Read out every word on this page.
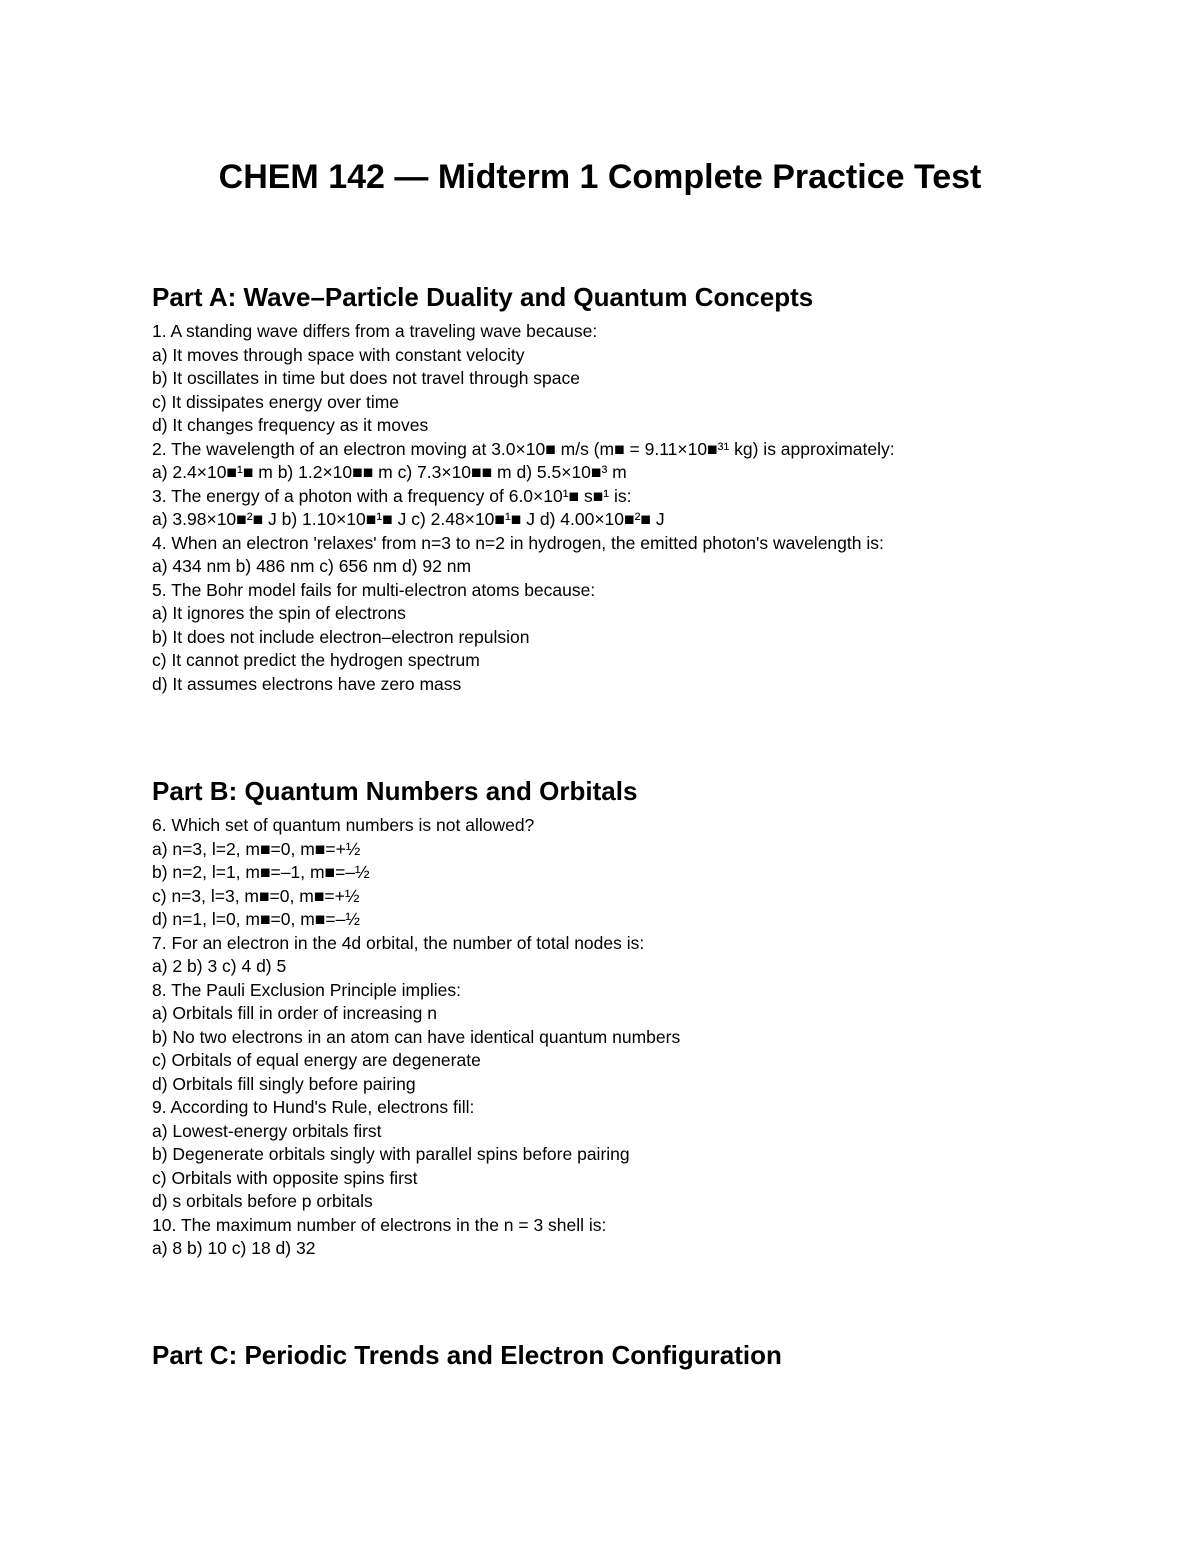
CHEM 142 — Midterm 1 Complete Practice Test
Part A: Wave–Particle Duality and Quantum Concepts
1. A standing wave differs from a traveling wave because:
a) It moves through space with constant velocity
b) It oscillates in time but does not travel through space
c) It dissipates energy over time
d) It changes frequency as it moves
2. The wavelength of an electron moving at 3.0×10■ m/s (m■ = 9.11×10■³¹ kg) is approximately:
a) 2.4×10■¹■ m b) 1.2×10■■ m c) 7.3×10■■ m d) 5.5×10■³ m
3. The energy of a photon with a frequency of 6.0×10¹■ s■¹ is:
a) 3.98×10■²■ J b) 1.10×10■¹■ J c) 2.48×10■¹■ J d) 4.00×10■²■ J
4. When an electron 'relaxes' from n=3 to n=2 in hydrogen, the emitted photon's wavelength is:
a) 434 nm b) 486 nm c) 656 nm d) 92 nm
5. The Bohr model fails for multi-electron atoms because:
a) It ignores the spin of electrons
b) It does not include electron–electron repulsion
c) It cannot predict the hydrogen spectrum
d) It assumes electrons have zero mass
Part B: Quantum Numbers and Orbitals
6. Which set of quantum numbers is not allowed?
a) n=3, l=2, m■=0, m■=+½
b) n=2, l=1, m■=–1, m■=–½
c) n=3, l=3, m■=0, m■=+½
d) n=1, l=0, m■=0, m■=–½
7. For an electron in the 4d orbital, the number of total nodes is:
a) 2 b) 3 c) 4 d) 5
8. The Pauli Exclusion Principle implies:
a) Orbitals fill in order of increasing n
b) No two electrons in an atom can have identical quantum numbers
c) Orbitals of equal energy are degenerate
d) Orbitals fill singly before pairing
9. According to Hund's Rule, electrons fill:
a) Lowest-energy orbitals first
b) Degenerate orbitals singly with parallel spins before pairing
c) Orbitals with opposite spins first
d) s orbitals before p orbitals
10. The maximum number of electrons in the n = 3 shell is:
a) 8 b) 10 c) 18 d) 32
Part C: Periodic Trends and Electron Configuration
